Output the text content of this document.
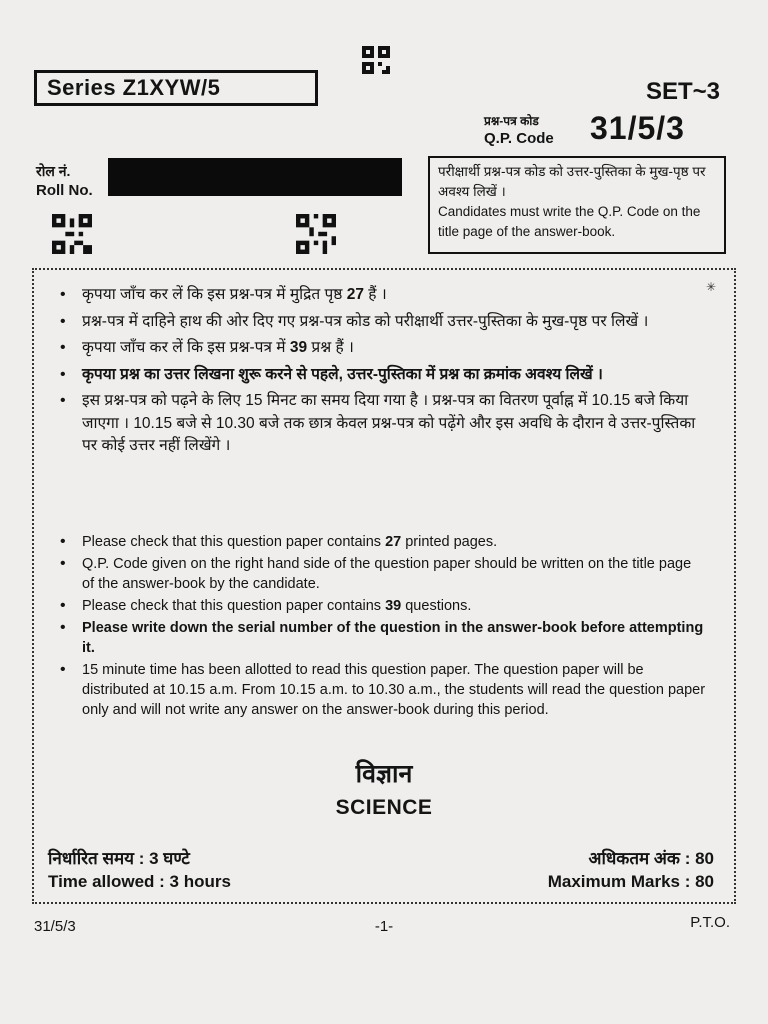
Series Z1XYW/5	SET~3
प्रश्न-पत्र कोड
Q.P. Code 31/5/3
रोल नं.
Roll No.
परीक्षार्थी प्रश्न-पत्र कोड को उत्तर-पुस्तिका के मुख-पृष्ठ पर अवश्य लिखें ।
Candidates must write the Q.P. Code on the title page of the answer-book.
✳
• कृपया जाँच कर लें कि इस प्रश्न-पत्र में मुद्रित पृष्ठ 27 हैं ।
• प्रश्न-पत्र में दाहिने हाथ की ओर दिए गए प्रश्न-पत्र कोड को परीक्षार्थी उत्तर-पुस्तिका के मुख-पृष्ठ पर लिखें ।
• कृपया जाँच कर लें कि इस प्रश्न-पत्र में 39 प्रश्न हैं ।
• कृपया प्रश्न का उत्तर लिखना शुरू करने से पहले, उत्तर-पुस्तिका में प्रश्न का क्रमांक अवश्य लिखें ।
• इस प्रश्न-पत्र को पढ़ने के लिए 15 मिनट का समय दिया गया है । प्रश्न-पत्र का वितरण पूर्वाह्न में 10.15 बजे किया जाएगा । 10.15 बजे से 10.30 बजे तक छात्र केवल प्रश्न-पत्र को पढ़ेंगे और इस अवधि के दौरान वे उत्तर-पुस्तिका पर कोई उत्तर नहीं लिखेंगे ।
• Please check that this question paper contains 27 printed pages.
• Q.P. Code given on the right hand side of the question paper should be written on the title page of the answer-book by the candidate.
• Please check that this question paper contains 39 questions.
• Please write down the serial number of the question in the answer-book before attempting it.
• 15 minute time has been allotted to read this question paper. The question paper will be distributed at 10.15 a.m. From 10.15 a.m. to 10.30 a.m., the students will read the question paper only and will not write any answer on the answer-book during this period.
विज्ञान
SCIENCE
निर्धारित समय : 3 घण्टे
Time allowed : 3 hours
अधिकतम अंक : 80
Maximum Marks : 80
31/5/3	-1-	P.T.O.
